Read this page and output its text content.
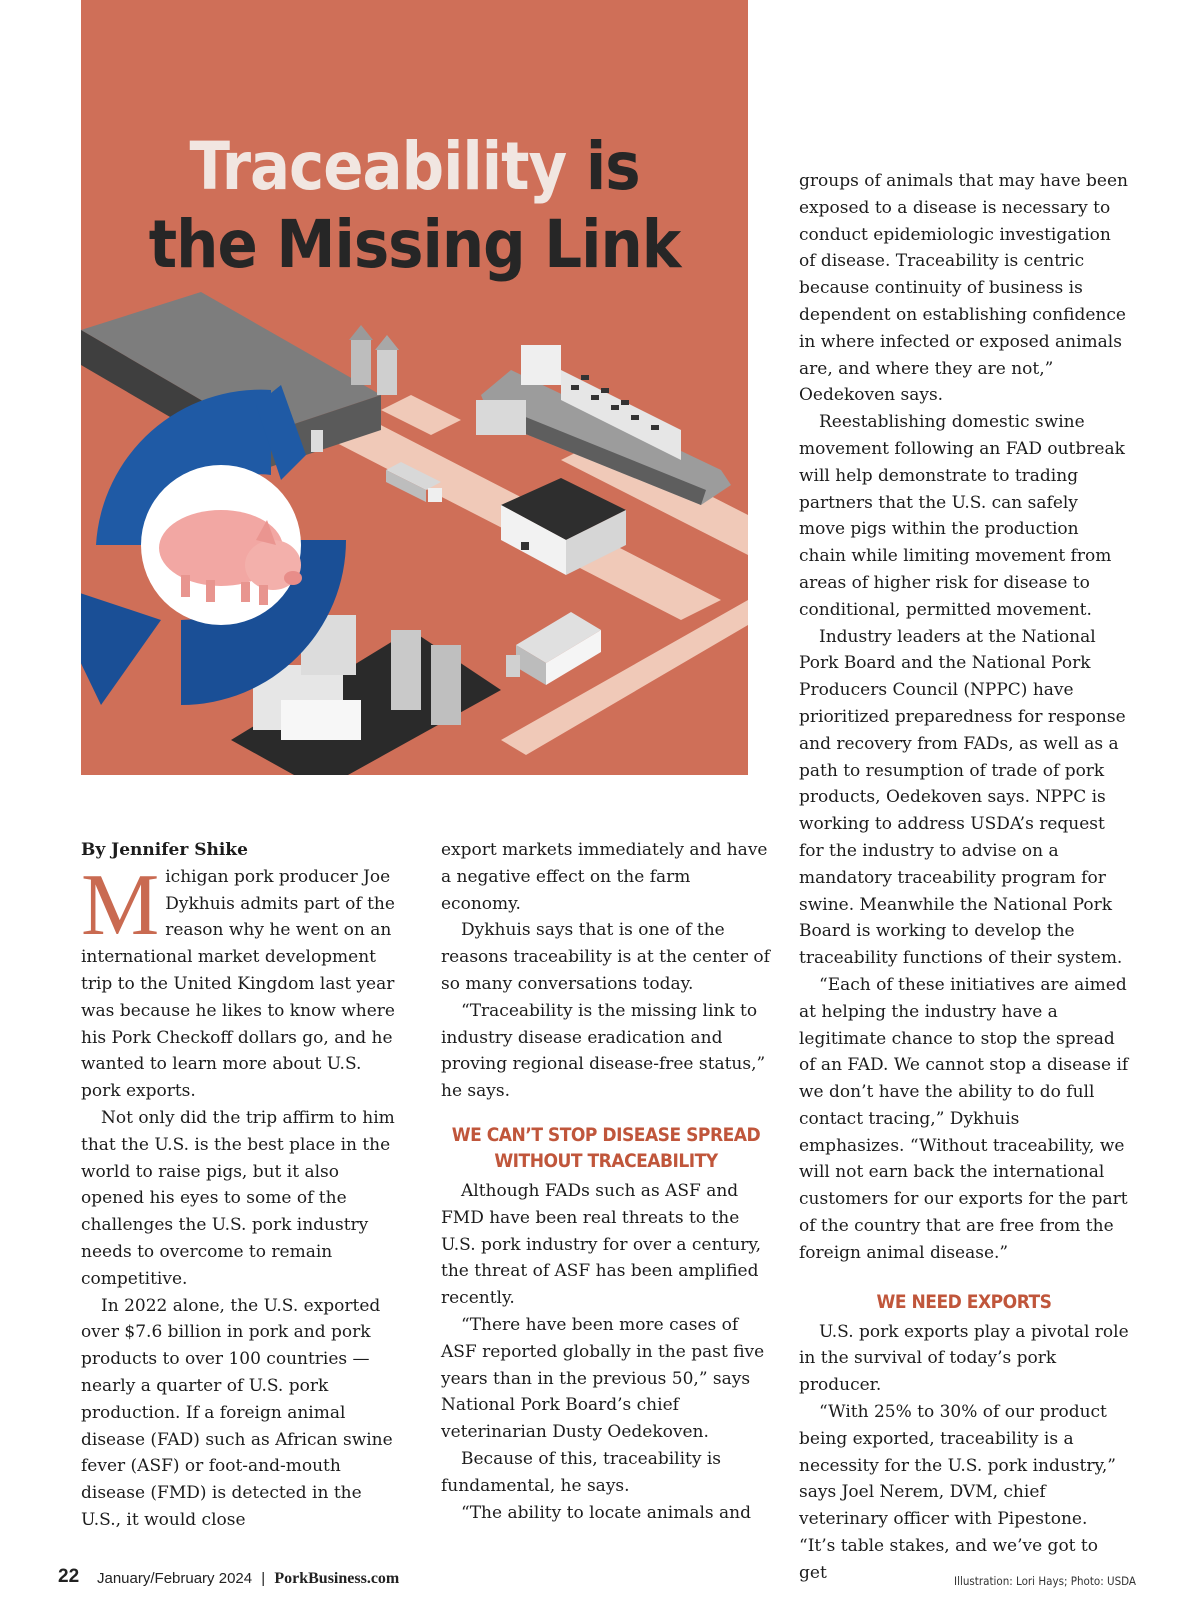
Traceability is
the Missing Link

By Jennifer Shike

Michigan pork producer Joe Dykhuis admits part of the reason why he went on an international market development trip to the United Kingdom last year was because he likes to know where his Pork Checkoff dollars go, and he wanted to learn more about U.S. pork exports.

Not only did the trip affirm to him that the U.S. is the best place in the world to raise pigs, but it also opened his eyes to some of the challenges the U.S. pork industry needs to overcome to remain competitive.

In 2022 alone, the U.S. exported over $7.6 billion in pork and pork products to over 100 countries — nearly a quarter of U.S. pork production. If a foreign animal disease (FAD) such as African swine fever (ASF) or foot-and-mouth disease (FMD) is detected in the U.S., it would close

export markets immediately and have a negative effect on the farm economy.

Dykhuis says that is one of the reasons traceability is at the center of so many conversations today.

“Traceability is the missing link to industry disease eradication and proving regional disease-free status,” he says.

WE CAN’T STOP DISEASE SPREAD WITHOUT TRACEABILITY

Although FADs such as ASF and FMD have been real threats to the U.S. pork industry for over a century, the threat of ASF has been amplified recently.

“There have been more cases of ASF reported globally in the past five years than in the previous 50,” says National Pork Board’s chief veterinarian Dusty Oedekoven.

Because of this, traceability is fundamental, he says.

“The ability to locate animals and

groups of animals that may have been exposed to a disease is necessary to conduct epidemiologic investigation of disease. Traceability is centric because continuity of business is dependent on establishing confidence in where infected or exposed animals are, and where they are not,” Oedekoven says.

Reestablishing domestic swine movement following an FAD outbreak will help demonstrate to trading partners that the U.S. can safely move pigs within the production chain while limiting movement from areas of higher risk for disease to conditional, permitted movement.

Industry leaders at the National Pork Board and the National Pork Producers Council (NPPC) have prioritized preparedness for response and recovery from FADs, as well as a path to resumption of trade of pork products, Oedekoven says. NPPC is working to address USDA’s request for the industry to advise on a mandatory traceability program for swine. Meanwhile the National Pork Board is working to develop the traceability functions of their system.

“Each of these initiatives are aimed at helping the industry have a legitimate chance to stop the spread of an FAD. We cannot stop a disease if we don’t have the ability to do full contact tracing,” Dykhuis emphasizes. “Without traceability, we will not earn back the international customers for our exports for the part of the country that are free from the foreign animal disease.”

WE NEED EXPORTS

U.S. pork exports play a pivotal role in the survival of today’s pork producer.

“With 25% to 30% of our product being exported, traceability is a necessity for the U.S. pork industry,” says Joel Nerem, DVM, chief veterinary officer with Pipestone. “It’s table stakes, and we’ve got to get

22 January/February 2024 | PorkBusiness.com	Illustration: Lori Hays; Photo: USDA
